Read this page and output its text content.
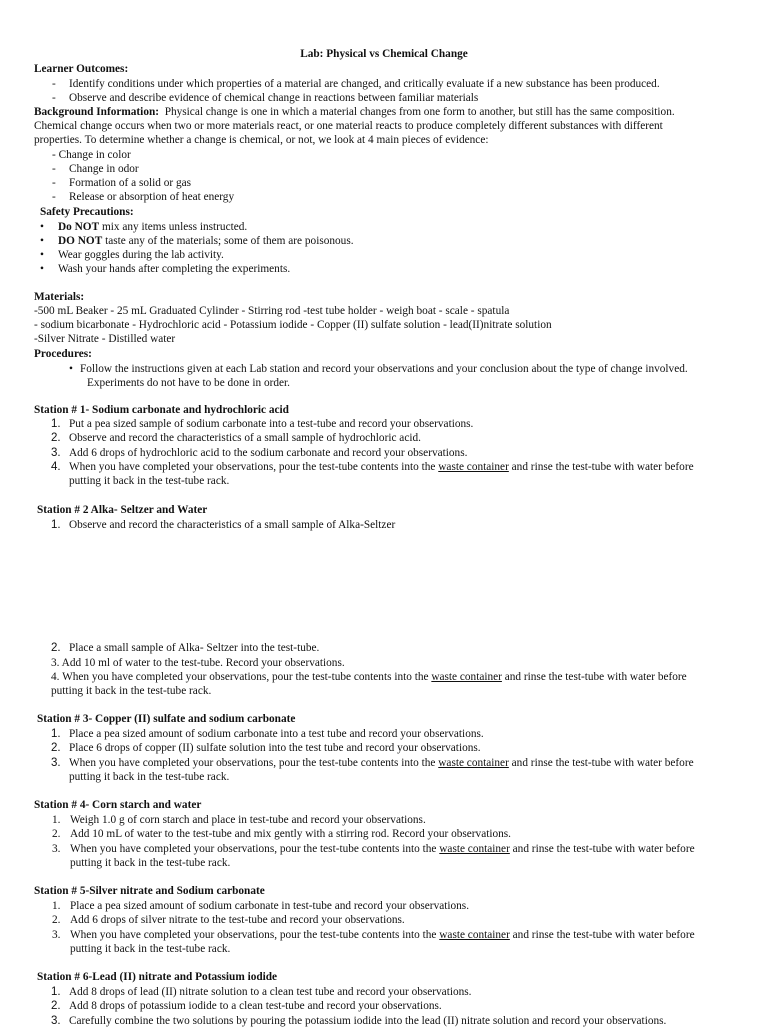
Lab: Physical vs Chemical Change
Learner Outcomes:
- Identify conditions under which properties of a material are changed, and critically evaluate if a new substance has been produced.
- Observe and describe evidence of chemical change in reactions between familiar materials
Background Information: Physical change is one in which a material changes from one form to another, but still has the same composition.
Chemical change occurs when two or more materials react, or one material reacts to produce completely different substances with different
properties. To determine whether a change is chemical, or not, we look at 4 main pieces of evidence:
- Change in color
- Change in odor
- Formation of a solid or gas
- Release or absorption of heat energy
Safety Precautions:
• Do NOT mix any items unless instructed.
• DO NOT taste any of the materials; some of them are poisonous.
• Wear goggles during the lab activity.
• Wash your hands after completing the experiments.
Materials:
-500 mL Beaker - 25 mL Graduated Cylinder - Stirring rod -test tube holder - weigh boat - scale - spatula
- sodium bicarbonate - Hydrochloric acid - Potassium iodide - Copper (II) sulfate solution - lead(II)nitrate solution
-Silver Nitrate - Distilled water
Procedures:
• Follow the instructions given at each Lab station and record your observations and your conclusion about the type of change involved.
Experiments do not have to be done in order.
Station # 1- Sodium carbonate and hydrochloric acid
1. Put a pea sized sample of sodium carbonate into a test-tube and record your observations.
2. Observe and record the characteristics of a small sample of hydrochloric acid.
3. Add 6 drops of hydrochloric acid to the sodium carbonate and record your observations.
4. When you have completed your observations, pour the test-tube contents into the waste container and rinse the test-tube with water before
putting it back in the test-tube rack.
Station # 2 Alka- Seltzer and Water
1. Observe and record the characteristics of a small sample of Alka-Seltzer
2. Place a small sample of Alka- Seltzer into the test-tube.
3. Add 10 ml of water to the test-tube. Record your observations.
4. When you have completed your observations, pour the test-tube contents into the waste container and rinse the test-tube with water before
putting it back in the test-tube rack.
Station # 3- Copper (II) sulfate and sodium carbonate
1. Place a pea sized amount of sodium carbonate into a test tube and record your observations.
2. Place 6 drops of copper (II) sulfate solution into the test tube and record your observations.
3. When you have completed your observations, pour the test-tube contents into the waste container and rinse the test-tube with water before
putting it back in the test-tube rack.
Station # 4- Corn starch and water
1. Weigh 1.0 g of corn starch and place in test-tube and record your observations.
2. Add 10 mL of water to the test-tube and mix gently with a stirring rod. Record your observations.
3. When you have completed your observations, pour the test-tube contents into the waste container and rinse the test-tube with water before
putting it back in the test-tube rack.
Station # 5-Silver nitrate and Sodium carbonate
1. Place a pea sized amount of sodium carbonate in test-tube and record your observations.
2. Add 6 drops of silver nitrate to the test-tube and record your observations.
3. When you have completed your observations, pour the test-tube contents into the waste container and rinse the test-tube with water before
putting it back in the test-tube rack.
Station # 6-Lead (II) nitrate and Potassium iodide
1. Add 8 drops of lead (II) nitrate solution to a clean test tube and record your observations.
2. Add 8 drops of potassium iodide to a clean test-tube and record your observations.
3. Carefully combine the two solutions by pouring the potassium iodide into the lead (II) nitrate solution and record your observations.
